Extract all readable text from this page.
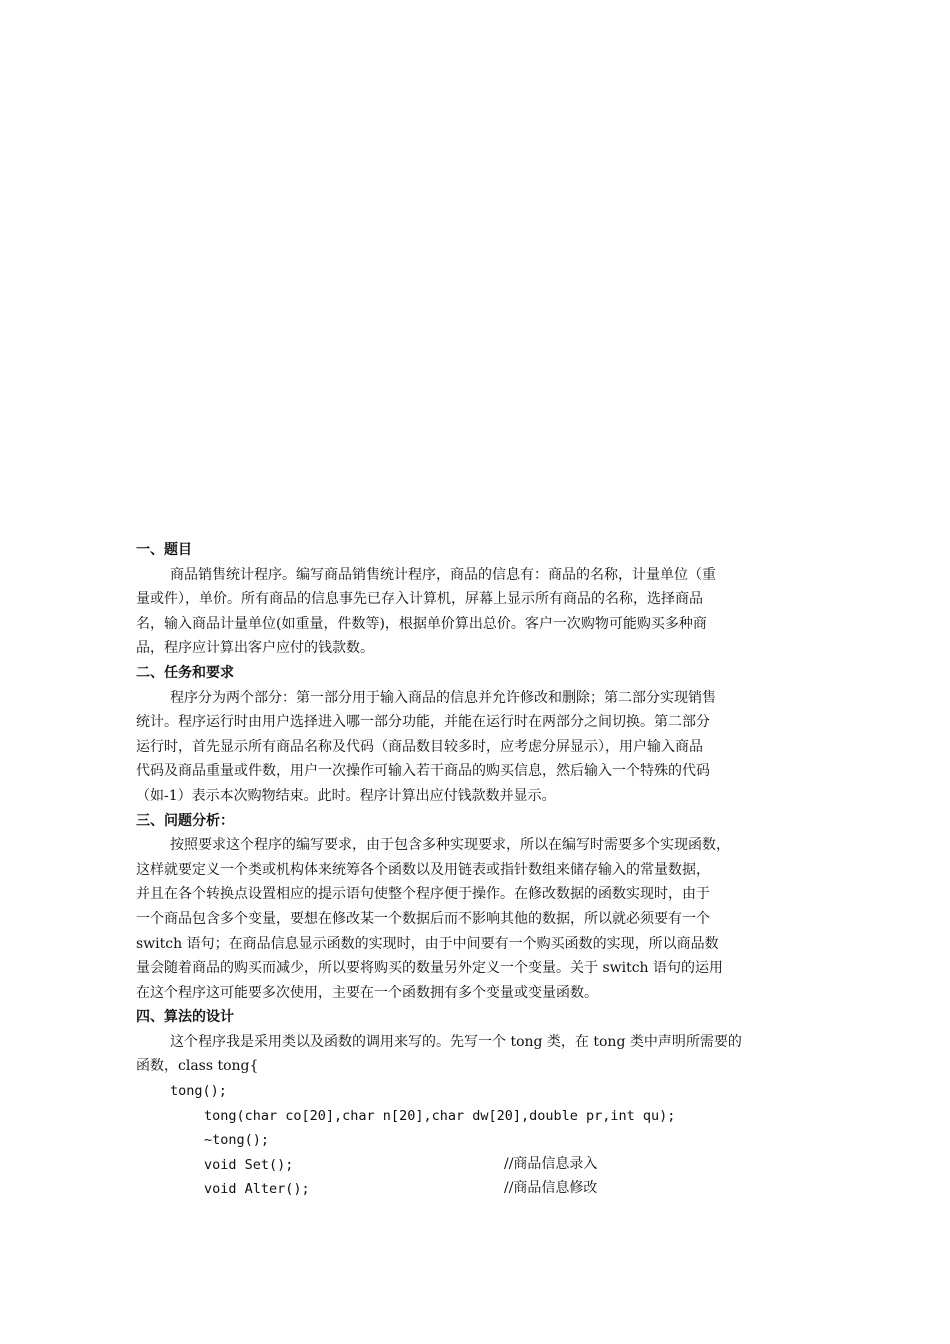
一、题目
商品销售统计程序。编写商品销售统计程序，商品的信息有：商品的名称，计量单位（重
量或件），单价。所有商品的信息事先已存入计算机，屏幕上显示所有商品的名称，选择商品
名，输入商品计量单位(如重量，件数等)，根据单价算出总价。客户一次购物可能购买多种商
品，程序应计算出客户应付的钱款数。
二、任务和要求
程序分为两个部分：第一部分用于输入商品的信息并允许修改和删除；第二部分实现销售
统计。程序运行时由用户选择进入哪一部分功能，并能在运行时在两部分之间切换。第二部分
运行时，首先显示所有商品名称及代码（商品数目较多时，应考虑分屏显示），用户输入商品
代码及商品重量或件数，用户一次操作可输入若干商品的购买信息，然后输入一个特殊的代码
（如-1）表示本次购物结束。此时。程序计算出应付钱款数并显示。
三、问题分析：
按照要求这个程序的编写要求，由于包含多种实现要求，所以在编写时需要多个实现函数，
这样就要定义一个类或机构体来统筹各个函数以及用链表或指针数组来储存输入的常量数据，
并且在各个转换点设置相应的提示语句使整个程序便于操作。在修改数据的函数实现时，由于
一个商品包含多个变量，要想在修改某一个数据后而不影响其他的数据，所以就必须要有一个
switch 语句；在商品信息显示函数的实现时，由于中间要有一个购买函数的实现，所以商品数
量会随着商品的购买而减少，所以要将购买的数量另外定义一个变量。关于 switch 语句的运用
在这个程序这可能要多次使用，主要在一个函数拥有多个变量或变量函数。
四、算法的设计
这个程序我是采用类以及函数的调用来写的。先写一个 tong 类，在 tong 类中声明所需要的
函数，class tong{
tong();
tong(char co[20],char n[20],char dw[20],double pr,int qu);
~tong();
void Set();	//商品信息录入
void Alter();	//商品信息修改
